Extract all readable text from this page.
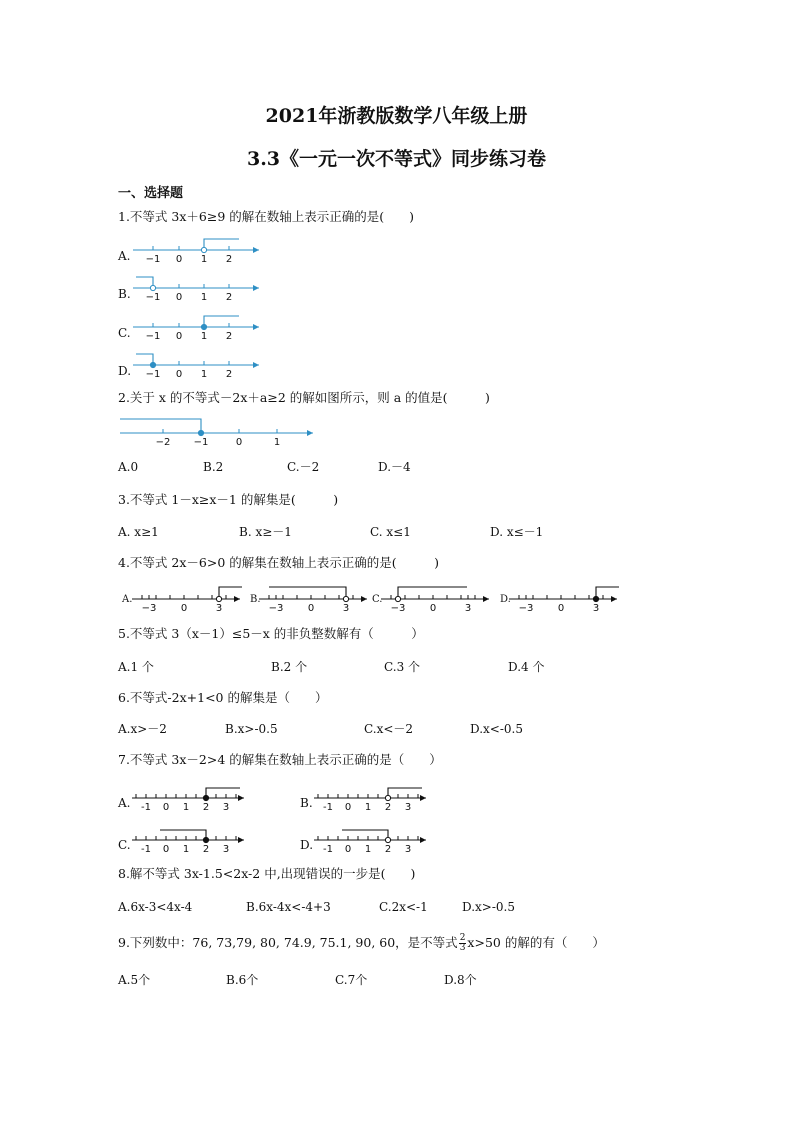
2021年浙教版数学八年级上册
3.3《一元一次不等式》同步练习卷
一、选择题
1.不等式 3x＋6≥9 的解在数轴上表示正确的是(　　)
A.
B.
C.
D.
−1 0 1 2
−1 0 1 2
−1 0 1 2
−1 0 1 2
2.关于 x 的不等式－2x＋a≥2 的解如图所示，则 a 的值是(　　　)
−2 −1	0	1
A.0	B.2	C.－2	D.－4
3.不等式 1－x≥x－1 的解集是(　　　)
A. x≥1	B. x≥－1	C. x≤1	D. x≤－1
4.不等式 2x－6>0 的解集在数轴上表示正确的是(　　　)
A.	B.	C.	D.
−3 0	3	−3 0	3	−3 0	3	−3 0	3
5.不等式 3（x－1）≤5－x 的非负整数解有（　　　）
A.1 个	B.2 个	C.3 个	D.4 个
6.不等式-2x+1<0 的解集是（　　）
A.x>－2	B.x>-0.5	C.x<－2	D.x<-0.5
7.不等式 3x－2>4 的解集在数轴上表示正确的是（　　）
A.	B.
C.	D.
-1 0 1 2 3	-1 0 1 2 3
-1 0 1 2 3	-1 0 1 2 3
8.解不等式 3x-1.5<2x-2 中,出现错误的一步是(　　)
A.6x-3<4x-4	B.6x-4x<-4+3	C.2x<-1	D.x>-0.5
9.下列数中：76, 73,79, 80, 74.9, 75.1, 90, 60，是不等式 $\frac{2}{3} x>50$ 的解的有（　　）
A.5个	B.6个	C.7个	D.8个
